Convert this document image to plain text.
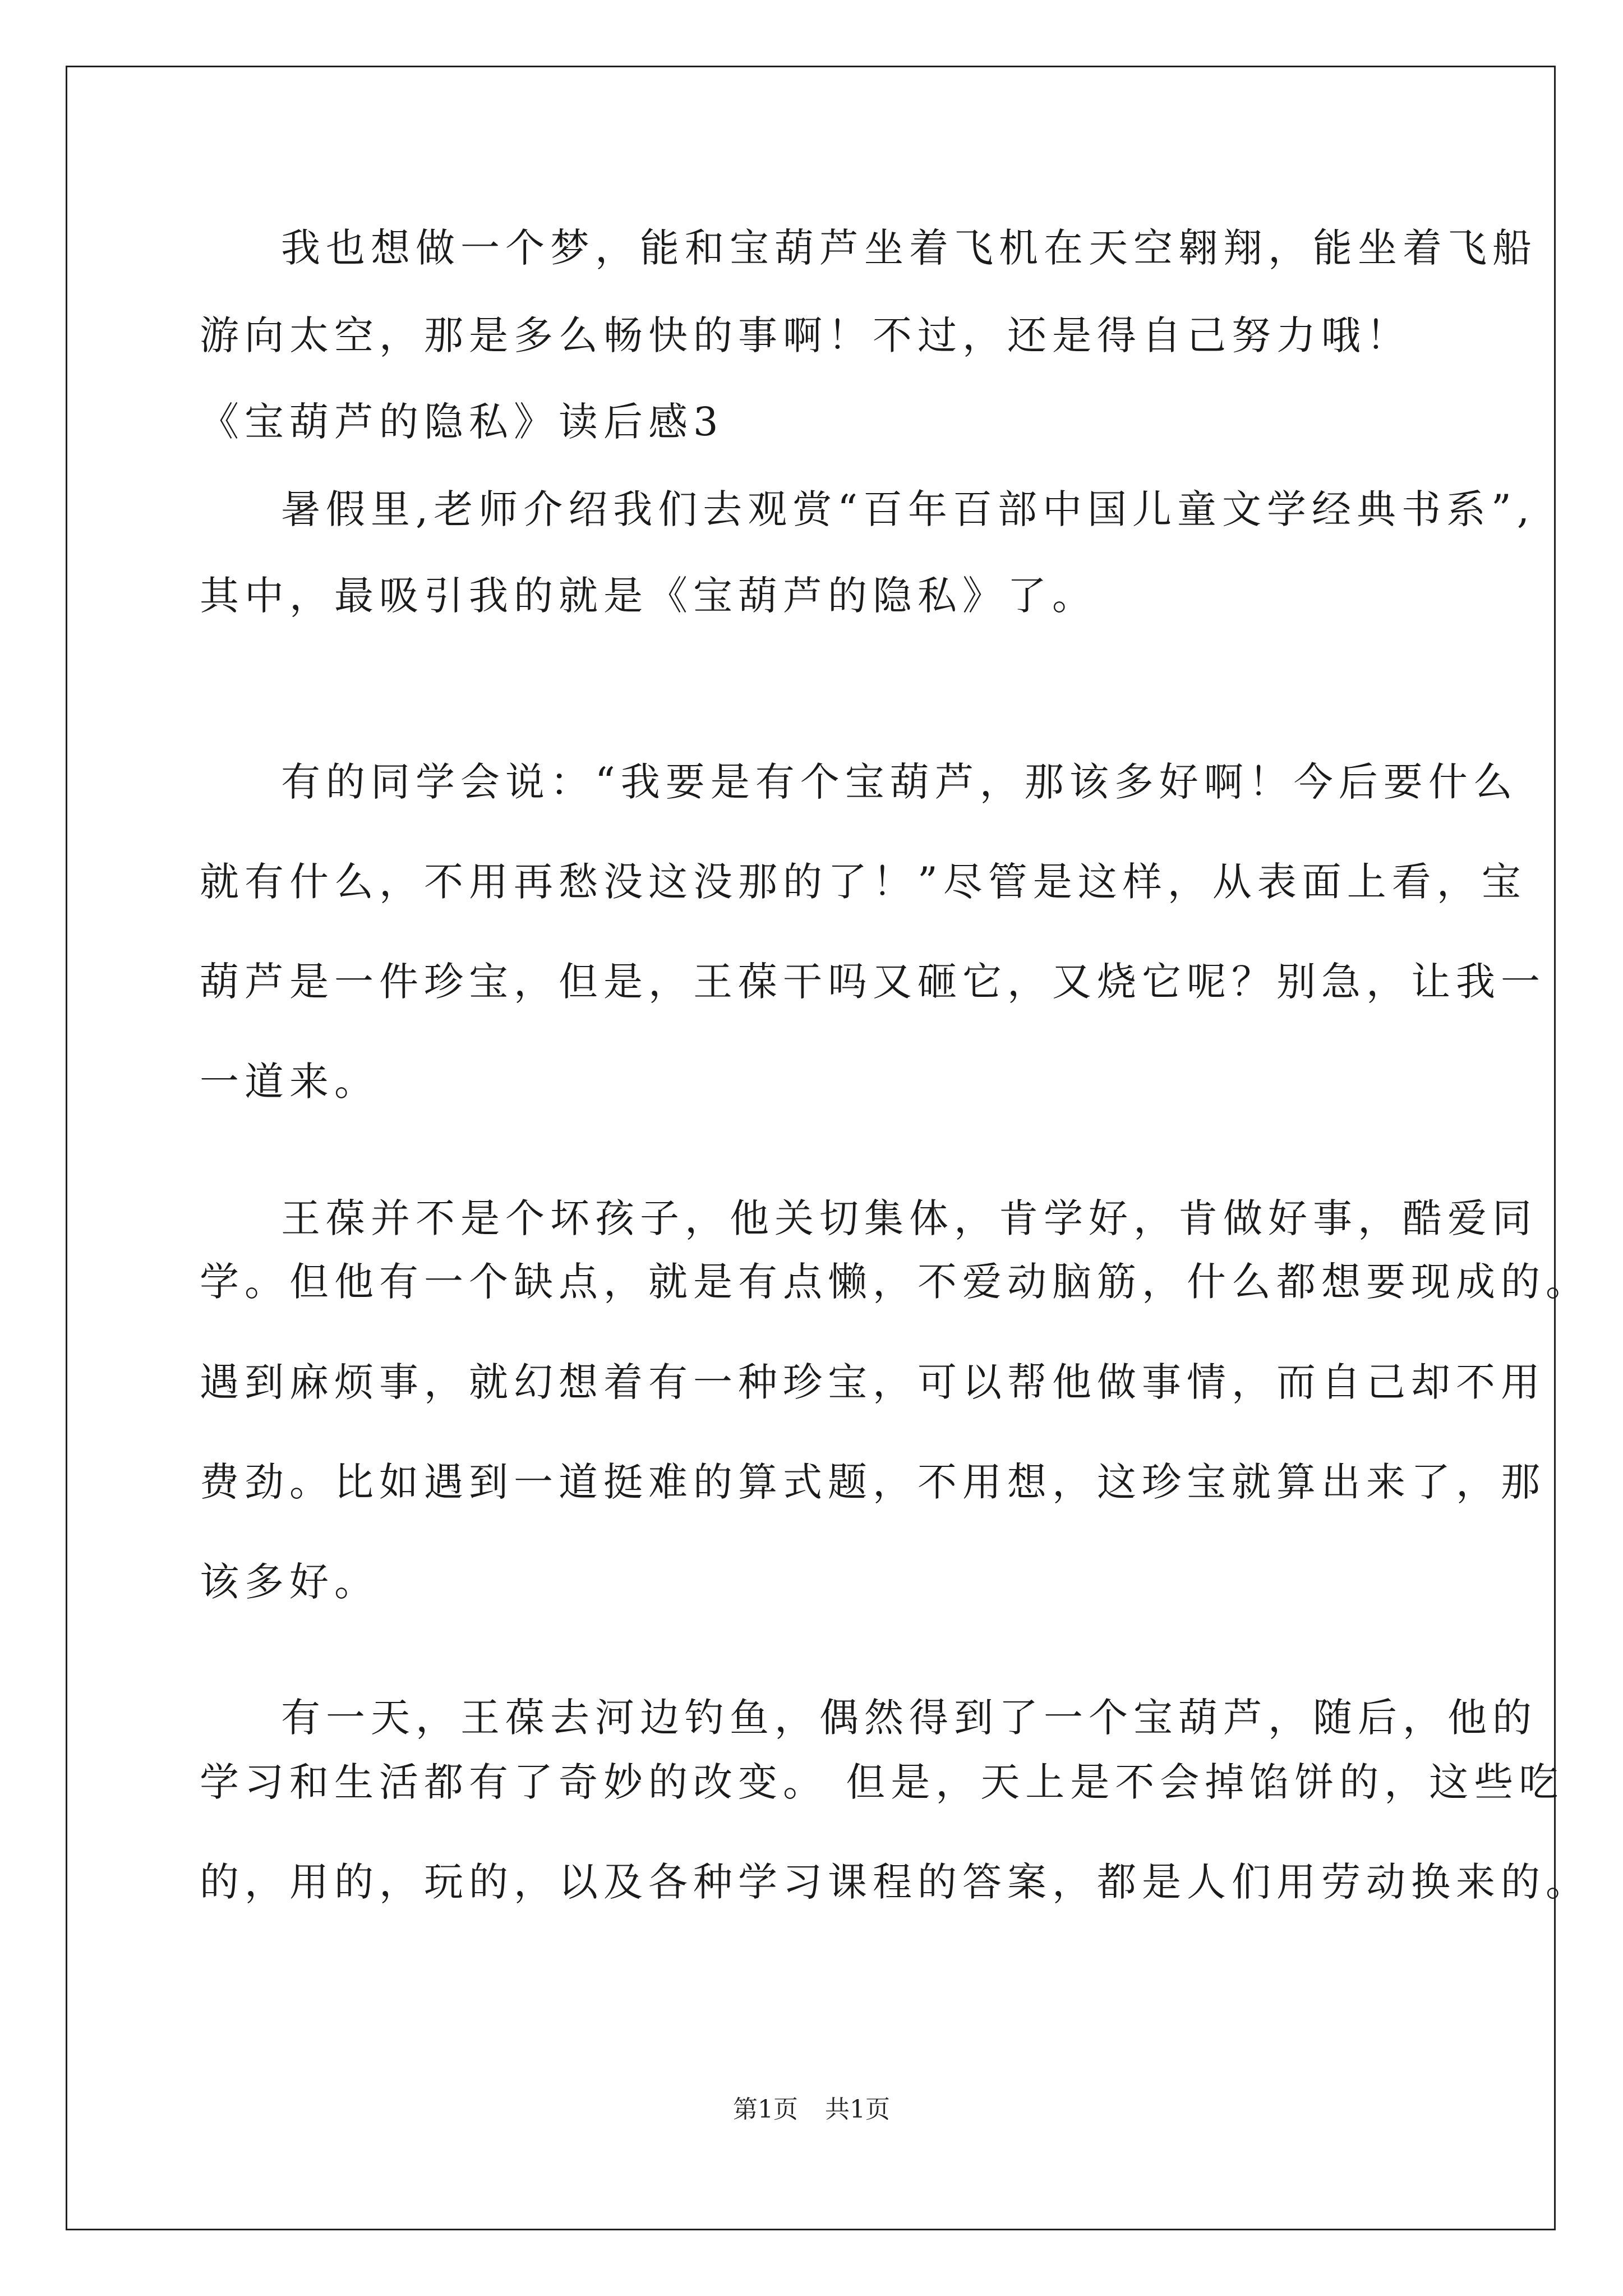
我也想做一个梦，能和宝葫芦坐着飞机在天空翱翔，能坐着飞船
游向太空，那是多么畅快的事啊！不过，还是得自己努力哦！
《宝葫芦的隐私》读后感3
暑假里,老师介绍我们去观赏“百年百部中国儿童文学经典书系”,
其中，最吸引我的就是《宝葫芦的隐私》了。
有的同学会说：“我要是有个宝葫芦，那该多好啊！今后要什么
就有什么，不用再愁没这没那的了！”尽管是这样，从表面上看，宝
葫芦是一件珍宝，但是，王葆干吗又砸它，又烧它呢？别急，让我一
一道来。
王葆并不是个坏孩子，他关切集体，肯学好，肯做好事，酷爱同
学。但他有一个缺点，就是有点懒，不爱动脑筋，什么都想要现成的。
遇到麻烦事，就幻想着有一种珍宝，可以帮他做事情，而自己却不用
费劲。比如遇到一道挺难的算式题，不用想，这珍宝就算出来了，那
该多好。
有一天，王葆去河边钓鱼，偶然得到了一个宝葫芦，随后，他的
学习和生活都有了奇妙的改变。 但是，天上是不会掉馅饼的，这些吃
的，用的，玩的，以及各种学习课程的答案，都是人们用劳动换来的。
第1页 共1页
